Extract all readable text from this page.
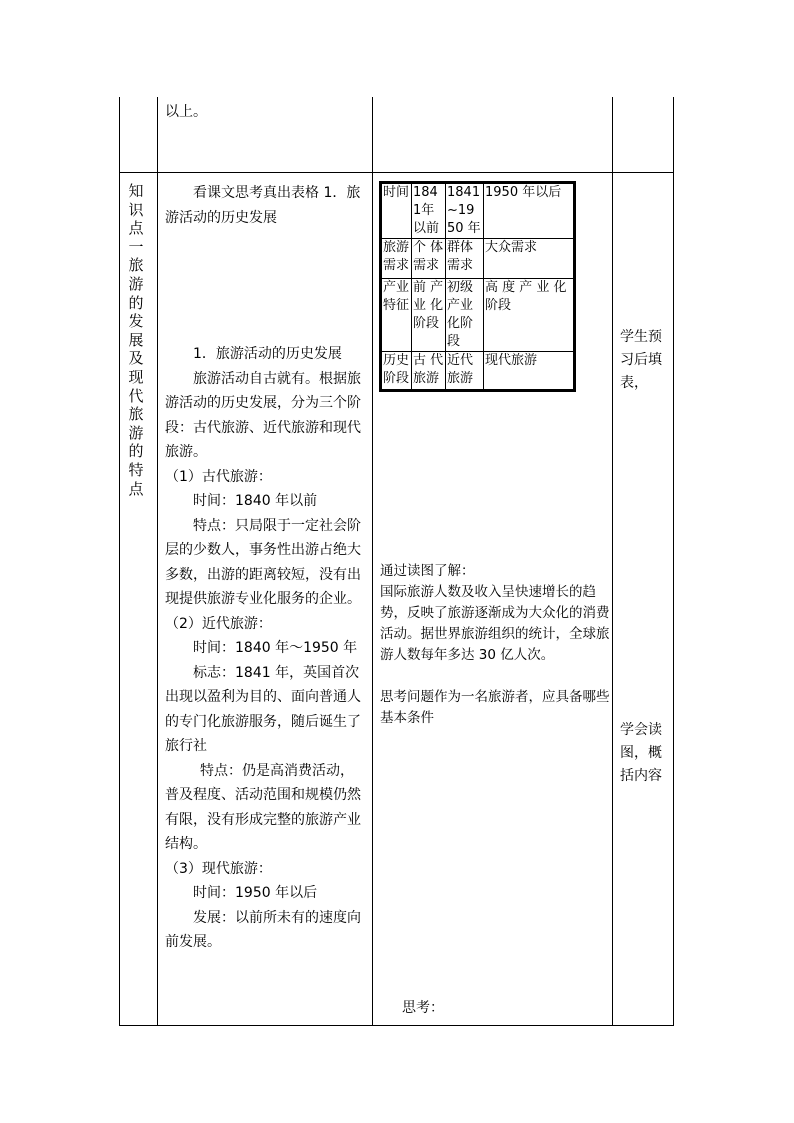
以上。
知
识
点
一
旅
游
的
发
展
及
现
代
旅
游
的
特
点

看课文思考真出表格 1．旅游活动的历史发展

1．旅游活动的历史发展

旅游活动自古就有。根据旅游活动的历史发展，分为三个阶段：古代旅游、近代旅游和现代旅游。

（1）古代旅游：

时间：1840 年以前

特点：只局限于一定社会阶层的少数人，事务性出游占绝大多数，出游的距离较短，没有出现提供旅游专业化服务的企业。

（2）近代旅游：

时间：1840 年～1950 年

标志：1841 年，英国首次出现以盈利为目的、面向普通人的专门化旅游服务，随后诞生了旅行社

特点：仍是高消费活动，普及程度、活动范围和规模仍然有限，没有形成完整的旅游产业结构。

（3）现代旅游：

时间：1950 年以后

发展：以前所未有的速度向前发展。

时间	1841年 以前	1841~1950 年	1950 年以后
旅游需求	个 体需求	群体需求	大众需求
产业特征	前 产业 化阶段	初级产业化阶段	高 度 产 业 化阶段
历史阶段	古 代旅游	近代旅游	现代旅游

通过读图了解：

国际旅游人数及收入呈快速增长的趋势，反映了旅游逐渐成为大众化的消费活动。据世界旅游组织的统计，全球旅游人数每年多达 30 亿人次。

思考问题作为一名旅游者，应具备哪些基本条件

思考：
学生预习后填表，
学会读图，概括内容
